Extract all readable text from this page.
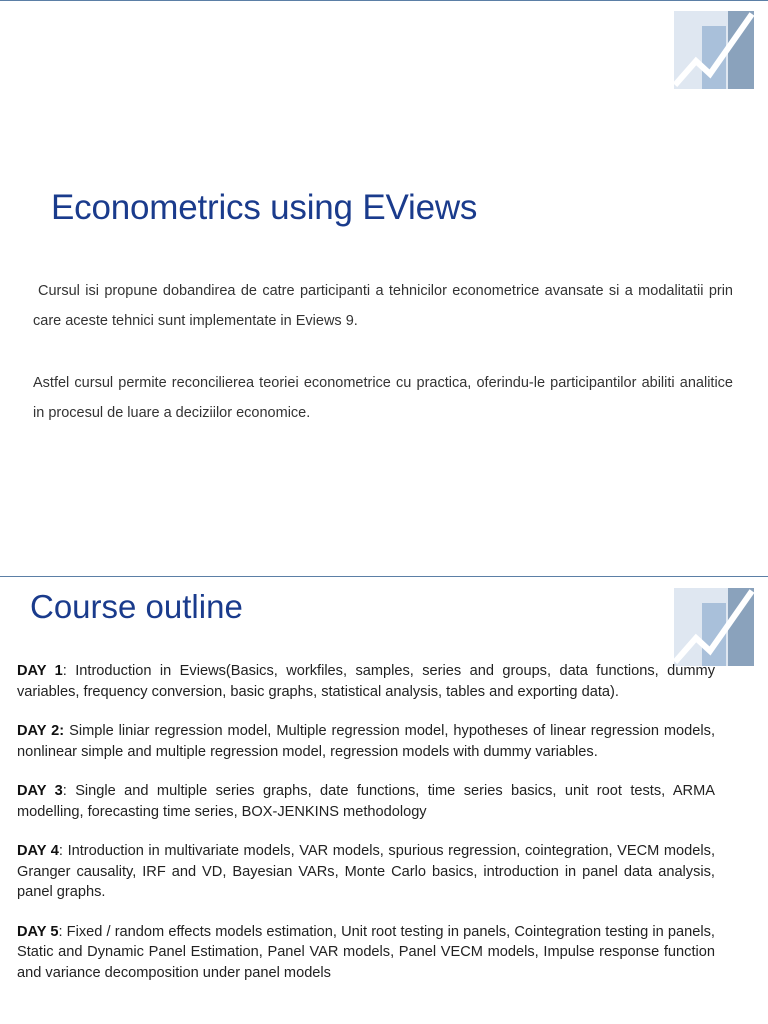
Econometrics using EViews

Cursul isi propune dobandirea de catre participanti a tehnicilor econometrice avansate si a modalitatii prin care aceste tehnici sunt implementate in Eviews 9.

Astfel cursul permite reconcilierea teoriei econometrice cu practica, oferindu-le participantilor abiliti analitice in procesul de luare a deciziilor economice.

Course outline

DAY 1: Introduction in Eviews(Basics, workfiles, samples, series and groups, data functions, dummy variables, frequency conversion, basic graphs, statistical analysis, tables and exporting data).

DAY 2: Simple liniar regression model, Multiple regression model, hypotheses of linear regression models, nonlinear simple and multiple regression model, regression models with dummy variables.

DAY 3: Single and multiple series graphs, date functions, time series basics, unit root tests, ARMA modelling, forecasting time series, BOX-JENKINS methodology

DAY 4: Introduction in multivariate models, VAR models, spurious regression, cointegration, VECM models, Granger causality, IRF and VD, Bayesian VARs, Monte Carlo basics, introduction in panel data analysis, panel graphs.

DAY 5: Fixed / random effects models estimation, Unit root testing in panels, Cointegration testing in panels, Static and Dynamic Panel Estimation, Panel VAR models, Panel VECM models, Impulse response function and variance decomposition under panel models
